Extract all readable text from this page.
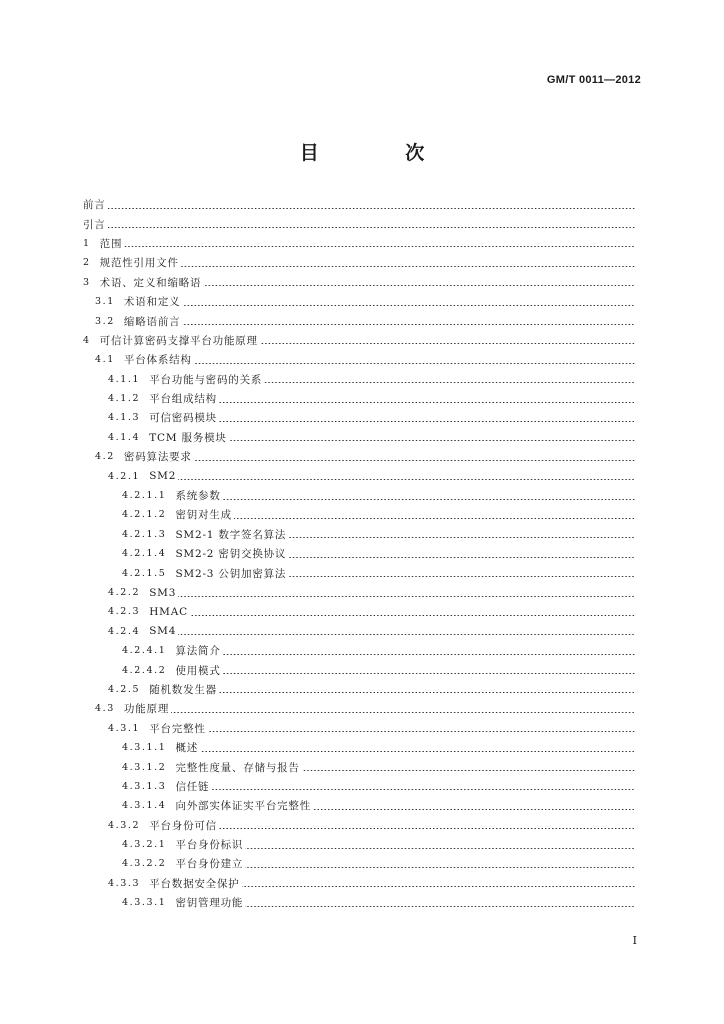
GM/T 0011—2012
目 次
前言
引言
1 范围
2 规范性引用文件
3 术语、定义和缩略语
3.1 术语和定义
3.2 缩略语前言
4 可信计算密码支撑平台功能原理
4.1 平台体系结构
4.1.1 平台功能与密码的关系
4.1.2 平台组成结构
4.1.3 可信密码模块
4.1.4 TCM 服务模块
4.2 密码算法要求
4.2.1 SM2
4.2.1.1 系统参数
4.2.1.2 密钥对生成
4.2.1.3 SM2-1 数字签名算法
4.2.1.4 SM2-2 密钥交换协议
4.2.1.5 SM2-3 公钥加密算法
4.2.2 SM3
4.2.3 HMAC
4.2.4 SM4
4.2.4.1 算法简介
4.2.4.2 使用模式
4.2.5 随机数发生器
4.3 功能原理
4.3.1 平台完整性
4.3.1.1 概述
4.3.1.2 完整性度量、存储与报告
4.3.1.3 信任链
4.3.1.4 向外部实体证实平台完整性
4.3.2 平台身份可信
4.3.2.1 平台身份标识
4.3.2.2 平台身份建立
4.3.3 平台数据安全保护
4.3.3.1 密钥管理功能
I
